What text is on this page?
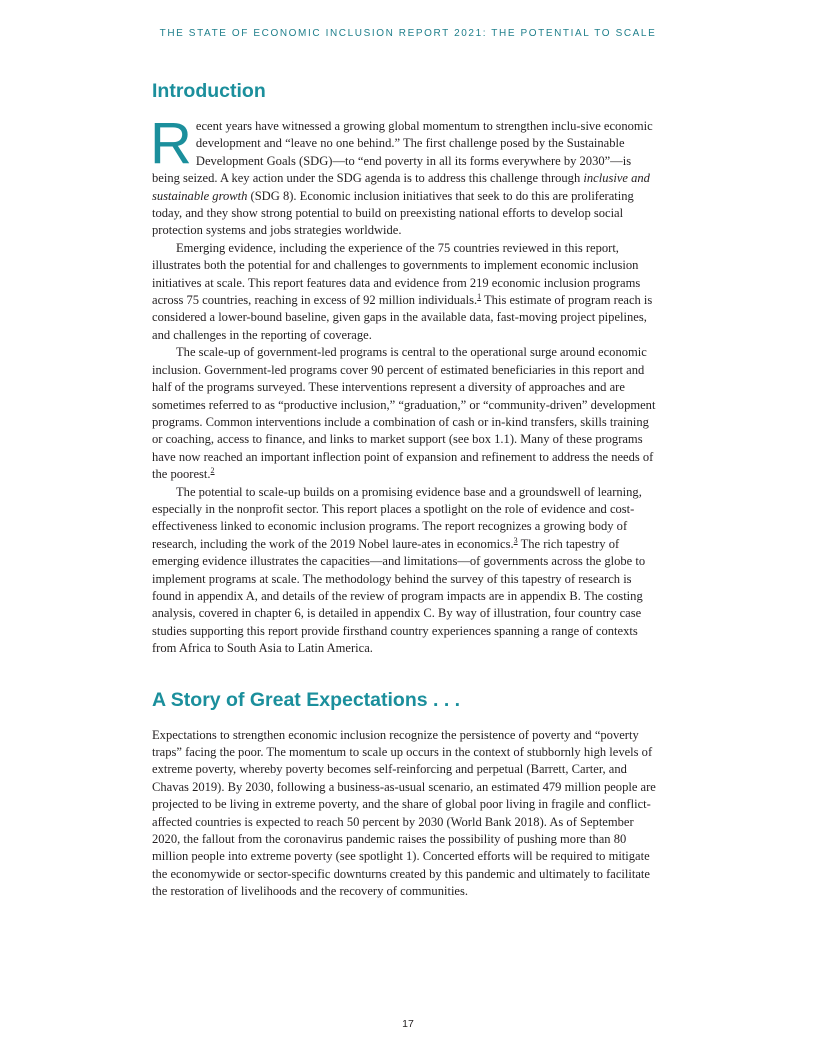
THE STATE OF ECONOMIC INCLUSION REPORT 2021: THE POTENTIAL TO SCALE
Introduction

Recent years have witnessed a growing global momentum to strengthen inclu-sive economic development and “leave no one behind.” The first challenge posed by the Sustainable Development Goals (SDG)—to “end poverty in all its forms everywhere by 2030”—is being seized. A key action under the SDG agenda is to address this challenge through inclusive and sustainable growth (SDG 8). Economic inclusion initiatives that seek to do this are proliferating today, and they show strong potential to build on preexisting national efforts to develop social protection systems and jobs strategies worldwide.

Emerging evidence, including the experience of the 75 countries reviewed in this report, illustrates both the potential for and challenges to governments to implement economic inclusion initiatives at scale. This report features data and evidence from 219 economic inclusion programs across 75 countries, reaching in excess of 92 million individuals.$^1$ This estimate of program reach is considered a lower-bound baseline, given gaps in the available data, fast-moving project pipelines, and challenges in the reporting of coverage.

The scale-up of government-led programs is central to the operational surge around economic inclusion. Government-led programs cover 90 percent of estimated beneficiaries in this report and half of the programs surveyed. These interventions represent a diversity of approaches and are sometimes referred to as “productive inclusion,” “graduation,” or “community-driven” development programs. Common interventions include a combination of cash or in-kind transfers, skills training or coaching, access to finance, and links to market support (see box 1.1). Many of these programs have now reached an important inflection point of expansion and refinement to address the needs of the poorest.$^2$

The potential to scale-up builds on a promising evidence base and a groundswell of learning, especially in the nonprofit sector. This report places a spotlight on the role of evidence and cost-effectiveness linked to economic inclusion programs. The report recognizes a growing body of research, including the work of the 2019 Nobel laure-ates in economics.$^3$ The rich tapestry of emerging evidence illustrates the capacities—and limitations—of governments across the globe to implement programs at scale. The methodology behind the survey of this tapestry of research is found in appendix A, and details of the review of program impacts are in appendix B. The costing analysis, covered in chapter 6, is detailed in appendix C. By way of illustration, four country case studies supporting this report provide firsthand country experiences spanning a range of contexts from Africa to South Asia to Latin America.

A Story of Great Expectations . . .

Expectations to strengthen economic inclusion recognize the persistence of poverty and “poverty traps” facing the poor. The momentum to scale up occurs in the context of stubbornly high levels of extreme poverty, whereby poverty becomes self-reinforcing and perpetual (Barrett, Carter, and Chavas 2019). By 2030, following a business-as-usual scenario, an estimated 479 million people are projected to be living in extreme poverty, and the share of global poor living in fragile and conflict-affected countries is expected to reach 50 percent by 2030 (World Bank 2018). As of September 2020, the fallout from the coronavirus pandemic raises the possibility of pushing more than 80 million people into extreme poverty (see spotlight 1). Concerted efforts will be required to mitigate the economywide or sector-specific downturns created by this pandemic and ultimately to facilitate the restoration of livelihoods and the recovery of communities.

17
